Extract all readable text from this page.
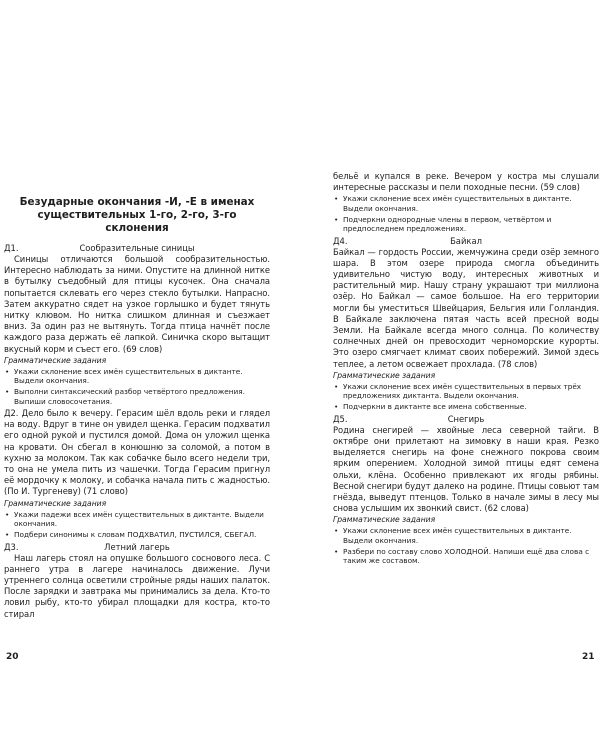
Безударные окончания -И, -Е в именах существительных 1-го, 2-го, 3-го склонения
Д1.	Сообразительные синицы

Синицы отличаются большой сообразительностью. Интересно наблюдать за ними. Опустите на длинной нитке в бутылку съедобный для птицы кусочек. Она сначала попытается склевать его через стекло бутылки. Напрасно. Затем аккуратно сядет на узкое горлышко и будет тянуть нитку клювом. Но нитка слишком длинная и съезжает вниз. За один раз не вытянуть. Тогда птица начнёт после каждого раза держать её лапкой. Синичка скоро вытащит вкусный корм и съест его. (69 слов)

Грамматические задания
• Укажи склонение всех имён существительных в диктанте. Выдели окончания.
• Выполни синтаксический разбор четвёртого предложения. Выпиши словосочетания.

Д2. Дело было к вечеру. Герасим шёл вдоль реки и глядел на воду. Вдруг в тине он увидел щенка. Герасим подхватил его одной рукой и пустился домой. Дома он уложил щенка на кровати. Он сбегал в конюшню за соломой, а потом в кухню за молоком. Так как собачке было всего недели три, то она не умела пить из чашечки. Тогда Герасим пригнул её мордочку к молоку, и собачка начала пить с жадностью. (По И. Тургеневу) (71 слово)

Грамматические задания
• Укажи падежи всех имён существительных в диктанте. Выдели окончания.
• Подбери синонимы к словам ПОДХВАТИЛ, ПУСТИЛСЯ, СБЕГАЛ.
Д3.	Летний лагерь

Наш лагерь стоял на опушке большого соснового леса. С раннего утра в лагере начиналось движение. Лучи утреннего солнца осветили стройные ряды наших палаток. После зарядки и завтрака мы принимались за дела. Кто-то ловил рыбу, кто-то убирал площадки для костра, кто-то стирал

20

бельё и купался в реке. Вечером у костра мы слушали интересные рассказы и пели походные песни. (59 слов)

• Укажи склонение всех имён существительных в диктанте. Выдели окончания.
• Подчеркни однородные члены в первом, четвёртом и предпоследнем предложениях.
Д4.	Байкал

Байкал — гордость России, жемчужина среди озёр земного шара. В этом озере природа смогла объединить удивительно чистую воду, интересных животных и растительный мир. Нашу страну украшают три миллиона озёр. Но Байкал — самое большое. На его территории могли бы уместиться Швейцария, Бельгия или Голландия. В Байкале заключена пятая часть всей пресной воды Земли. На Байкале всегда много солнца. По количеству солнечных дней он превосходит черноморские курорты. Это озеро смягчает климат своих побережий. Зимой здесь теплее, а летом освежает прохлада. (78 слов)

Грамматические задания
• Укажи склонение всех имён существительных в первых трёх предложениях диктанта. Выдели окончания.
• Подчеркни в диктанте все имена собственные.
Д5.	Снегирь

Родина снегирей — хвойные леса северной тайги. В октябре они прилетают на зимовку в наши края. Резко выделяется снегирь на фоне снежного покрова своим ярким оперением. Холодной зимой птицы едят семена ольхи, клёна. Особенно привлекают их ягоды рябины. Весной снегири будут далеко на родине. Птицы совьют там гнёзда, выведут птенцов. Только в начале зимы в лесу мы снова услышим их звонкий свист. (62 слова)

Грамматические задания
• Укажи склонение всех имён существительных в диктанте. Выдели окончания.
• Разбери по составу слово ХОЛОДНОЙ. Напиши ещё два слова с таким же составом.
21
